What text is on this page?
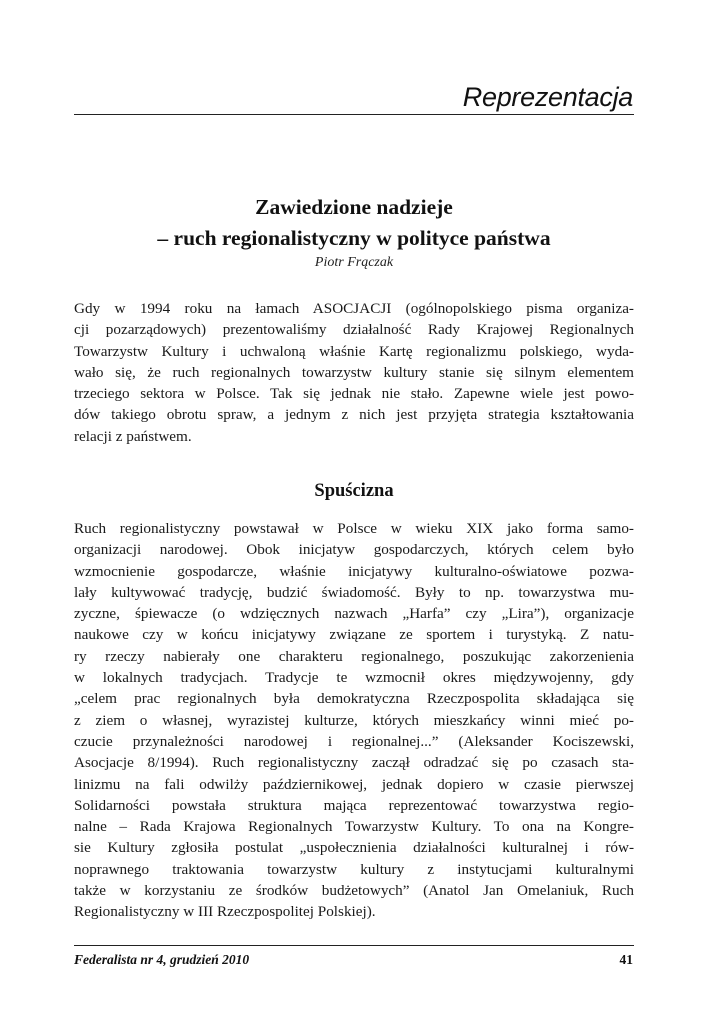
Reprezentacja
Zawiedzione nadzieje
– ruch regionalistyczny w polityce państwa
Piotr Frączak
Gdy w 1994 roku na łamach ASOCJACJI (ogólnopolskiego pisma organiza-
cji pozarządowych) prezentowaliśmy działalność Rady Krajowej Regionalnych
Towarzystw Kultury i uchwaloną właśnie Kartę regionalizmu polskiego, wyda-
wało się, że ruch regionalnych towarzystw kultury stanie się silnym elementem
trzeciego sektora w Polsce. Tak się jednak nie stało. Zapewne wiele jest powo-
dów takiego obrotu spraw, a jednym z nich jest przyjęta strategia kształtowania
relacji z państwem.
Spuścizna
Ruch regionalistyczny powstawał w Polsce w wieku XIX jako forma samo-
organizacji narodowej. Obok inicjatyw gospodarczych, których celem było
wzmocnienie gospodarcze, właśnie inicjatywy kulturalno-oświatowe pozwa-
lały kultywować tradycję, budzić świadomość. Były to np. towarzystwa mu-
zyczne, śpiewacze (o wdzięcznych nazwach „Harfa” czy „Lira”), organizacje
naukowe czy w końcu inicjatywy związane ze sportem i turystyką. Z natu-
ry rzeczy nabierały one charakteru regionalnego, poszukując zakorzenienia
w lokalnych tradycjach. Tradycje te wzmocnił okres międzywojenny, gdy
„celem prac regionalnych była demokratyczna Rzeczpospolita składająca się
z ziem o własnej, wyrazistej kulturze, których mieszkańcy winni mieć po-
czucie przynależności narodowej i regionalnej...” (Aleksander Kociszewski,
Asocjacje 8/1994). Ruch regionalistyczny zaczął odradzać się po czasach sta-
linizmu na fali odwilży październikowej, jednak dopiero w czasie pierwszej
Solidarności powstała struktura mająca reprezentować towarzystwa regio-
nalne – Rada Krajowa Regionalnych Towarzystw Kultury. To ona na Kongre-
sie Kultury zgłosiła postulat „uspołecznienia działalności kulturalnej i rów-
noprawnego traktowania towarzystw kultury z instytucjami kulturalnymi
także w korzystaniu ze środków budżetowych” (Anatol Jan Omelaniuk, Ruch
Regionalistyczny w III Rzeczpospolitej Polskiej).
Federalista nr 4, grudzień 2010	41
